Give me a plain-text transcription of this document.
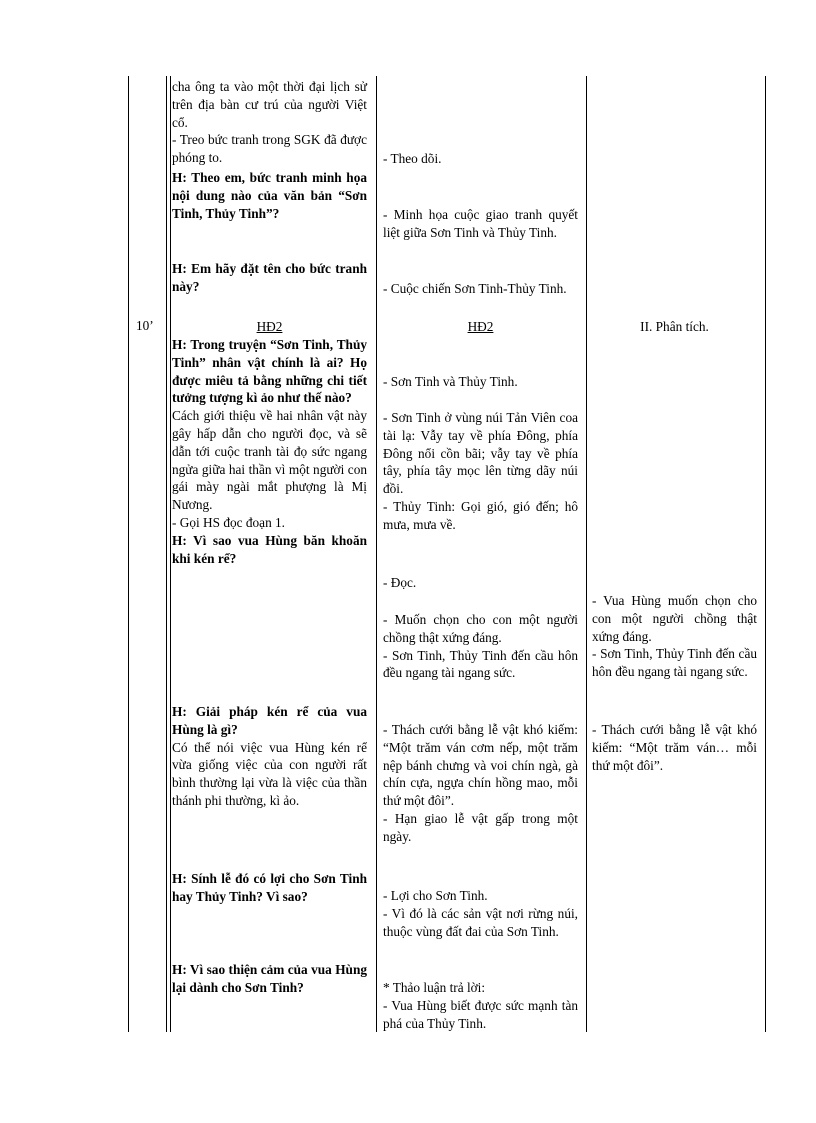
10’

cha ông ta vào một thời đại lịch sử trên địa bàn cư trú của người Việt cổ.

- Treo bức tranh trong SGK đã được phóng to.

H: Theo em, bức tranh minh họa nội dung nào của văn bản “Sơn Tinh, Thủy Tinh”?
H: Em hãy đặt tên cho bức tranh này?
HĐ2

H: Trong truyện “Sơn Tinh, Thủy Tinh” nhân vật chính là ai? Họ được miêu tả bằng những chi tiết tưởng tượng kì ảo như thế nào?

Cách giới thiệu về hai nhân vật này gây hấp dẫn cho người đọc, và sẽ dẫn tới cuộc tranh tài đọ sức ngang ngửa giữa hai thần vì một người con gái mày ngài mắt phượng là Mị Nương.

- Gọi HS đọc đoạn 1.

H: Vì sao vua Hùng băn khoăn khi kén rể?

H: Giải pháp kén rể của vua Hùng là gì?

Có thể nói việc vua Hùng kén rể vừa giống việc của con người rất bình thường lại vừa là việc của thần thánh phi thường, kì ảo.

H: Sính lễ đó có lợi cho Sơn Tinh hay Thủy Tinh? Vì sao?
H: Vì sao thiện cảm của vua Hùng lại dành cho Sơn Tinh?
- Theo dõi.
- Minh họa cuộc giao tranh quyết liệt giữa Sơn Tinh và Thủy Tinh.
- Cuộc chiến Sơn Tinh-Thủy Tinh.
HĐ2
- Sơn Tinh và Thủy Tinh.

- Sơn Tinh ở vùng núi Tản Viên coa tài lạ: Vẫy tay về phía Đông, phía Đông nổi cồn bãi; vẫy tay về phía tây, phía tây mọc lên từng dãy núi đồi.

- Thủy Tinh: Gọi gió, gió đến; hô mưa, mưa về.

- Đọc.

- Muốn chọn cho con một người chồng thật xứng đáng.

- Sơn Tinh, Thủy Tinh đến cầu hôn đều ngang tài ngang sức.

- Thách cưới bằng lễ vật khó kiếm: “Một trăm ván cơm nếp, một trăm nệp bánh chưng và voi chín ngà, gà chín cựa, ngựa chín hồng mao, mỗi thứ một đôi”.

- Hạn giao lễ vật gấp trong một ngày.

- Lợi cho Sơn Tinh.

- Vì đó là các sản vật nơi rừng núi, thuộc vùng đất đai của Sơn Tinh.

* Thảo luận trả lời:

- Vua Hùng biết được sức mạnh tàn phá của Thủy Tinh.

II. Phân tích.

- Vua Hùng muốn chọn cho con một người chồng thật xứng đáng.

- Sơn Tinh, Thủy Tinh đến cầu hôn đều ngang tài ngang sức.

- Thách cưới bằng lễ vật khó kiếm: “Một trăm ván… mỗi thứ một đôi”.
